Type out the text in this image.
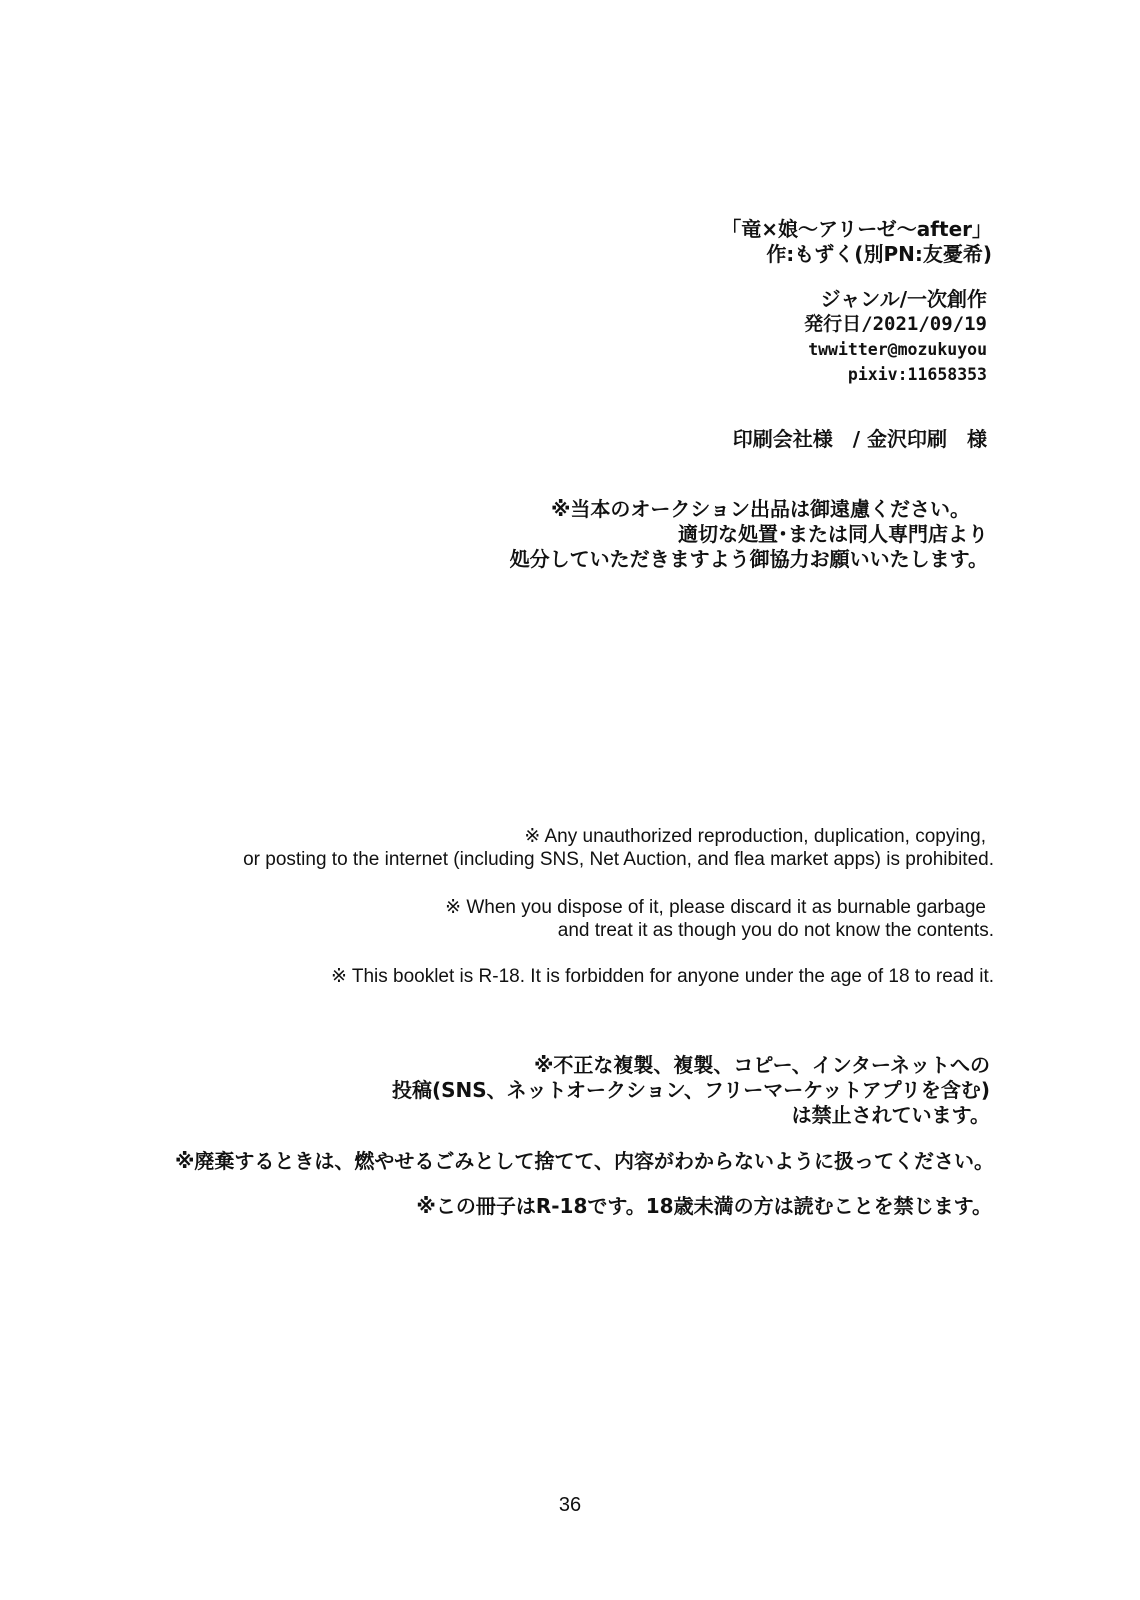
「竜×娘～アリーゼ～after」
作:もずく(別PN:友憂希)
ジャンル/一次創作
発行日/2021/09/19
twwitter@mozukuyou
pixiv:11658353
印刷会社様　/ 金沢印刷　様
※当本のオークション出品は御遠慮ください。
適切な処置･または同人専門店より
処分していただきますよう御協力お願いいたします。
※ Any unauthorized reproduction, duplication, copying,
or posting to the internet (including SNS, Net Auction, and flea market apps) is prohibited.
※ When you dispose of it, please discard it as burnable garbage
and treat it as though you do not know the contents.
※ This booklet is R-18. It is forbidden for anyone under the age of 18 to read it.
※不正な複製、複製、コピー、インターネットへの
投稿(SNS、ネットオークション、フリーマーケットアプリを含む)
は禁止されています。
※廃棄するときは、燃やせるごみとして捨てて、内容がわからないように扱ってください。
※この冊子はR-18です。18歳未満の方は読むことを禁じます。
36
